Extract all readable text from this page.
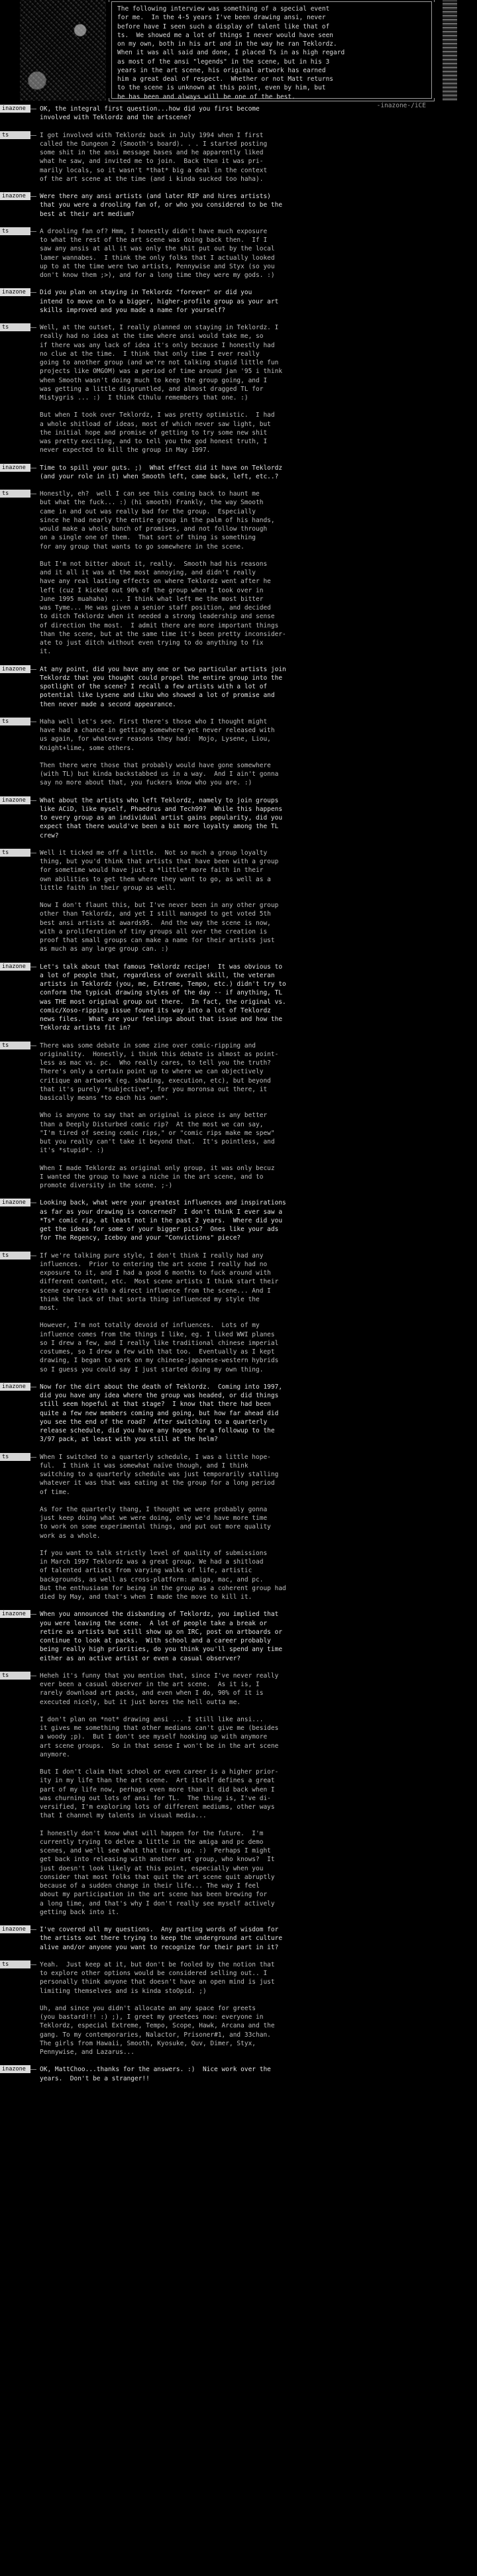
The following interview was something of a special event
for me.  In the 4-5 years I've been drawing ansi, never
before have I seen such a display of talent like that of
ts.  We showed me a lot of things I never would have seen
on my own, both in his art and in the way he ran Teklordz.
When it was all said and done, I placed Ts in as high regard
as most of the ansi "legends" in the scene, but in his 3
years in the art scene, his original artwork has earned
him a great deal of respect.  Whether or not Matt returns
to the scene is unknown at this point, even by him, but
he has been and always will be one of the best.

-inazone-/iCE
inazone	OK, the integral first question...how did you first become
involved with Teklordz and the artscene?
ts	I got involved with Teklordz back in July 1994 when I first
called the Dungeon 2 (Smooth's board). . . I started posting
some shit in the ansi message bases and he apparently liked
what he saw, and invited me to join.  Back then it was pri-
marily locals, so it wasn't *that* big a deal in the context
of the art scene at the time (and i kinda sucked too haha).
inazone	Were there any ansi artists (and later RIP and hires artists)
that you were a drooling fan of, or who you considered to be the
best at their art medium?
ts	A drooling fan of? Hmm, I honestly didn't have much exposure
to what the rest of the art scene was doing back then.  If I
saw any ansis at all it was only the shit put out by the local
lamer wannabes.  I think the only folks that I actually looked
up to at the time were two artists, Pennywise and Styx (so you
don't know them ;>), and for a long time they were my gods. :)
inazone	Did you plan on staying in Teklordz "forever" or did you
intend to move on to a bigger, higher-profile group as your art
skills improved and you made a name for yourself?
ts	Well, at the outset, I really planned on staying in Teklordz. I
really had no idea at the time where ansi would take me, so
if there was any lack of idea it's only because I honestly had
no clue at the time.  I think that only time I ever really
going to another group (and we're not talking stupid little fun
projects like OMGOM) was a period of time around jan '95 i think
when Smooth wasn't doing much to keep the group going, and I
was getting a little disgruntled, and almost dragged TL for
Mistygris ... :)  I think Cthulu remembers that one. :)
But when I took over Teklordz, I was pretty optimistic.  I had
a whole shitload of ideas, most of which never saw light, but
the initial hope and promise of getting to try some new shit
was pretty exciting, and to tell you the god honest truth, I
never expected to kill the group in May 1997.
inazone	Time to spill your guts. ;)  What effect did it have on Teklordz
(and your role in it) when Smooth left, came back, left, etc..?
ts	Honestly, eh?  well I can see this coming back to haunt me
but what the fuck... :) (hi smooth) Frankly, the way Smooth
came in and out was really bad for the group.  Especially
since he had nearly the entire group in the palm of his hands,
would make a whole bunch of promises, and not follow through
on a single one of them.  That sort of thing is something
for any group that wants to go somewhere in the scene.
But I'm not bitter about it, really.  Smooth had his reasons
and it all it was at the most annoying, and didn't really
have any real lasting effects on where Teklordz went after he
left (cuz I kicked out 90% of the group when I took over in
June 1995 muahaha) ... I think what left me the most bitter
was Tyme... He was given a senior staff position, and decided
to ditch Teklordz when it needed a strong leadership and sense
of direction the most.  I admit there are more important things
than the scene, but at the same time it's been pretty inconsider-
ate to just ditch without even trying to do anything to fix
it.
inazone	At any point, did you have any one or two particular artists join
Teklordz that you thought could propel the entire group into the
spotlight of the scene? I recall a few artists with a lot of
potential like Lysene and Liku who showed a lot of promise and
then never made a second appearance.
ts	Haha well let's see. First there's those who I thought might
have had a chance in getting somewhere yet never released with
us again, for whatever reasons they had:  Mojo, Lysene, Liou,
Knight+lime, some others.
Then there were those that probably would have gone somewhere
(with TL) but kinda backstabbed us in a way.  And I ain't gonna
say no more about that, you fuckers know who you are. :)
inazone	What about the artists who left Teklordz, namely to join groups
like ACiD, like myself, Phaedrus and Tech99?  While this happens
to every group as an individual artist gains popularity, did you
expect that there would've been a bit more loyalty among the TL
crew?
ts	Well it ticked me off a little.  Not so much a group loyalty
thing, but you'd think that artists that have been with a group
for sometime would have just a *little* more faith in their
own abilities to get them where they want to go, as well as a
little faith in their group as well.
Now I don't flaunt this, but I've never been in any other group
other than Teklordz, and yet I still managed to get voted 5th
best ansi artists at awards95.  And the way the scene is now,
with a proliferation of tiny groups all over the creation is
proof that small groups can make a name for their artists just
as much as any large group can. :)
inazone	Let's talk about that famous Teklordz recipe!  It was obvious to
a lot of people that, regardless of overall skill, the veteran
artists in Teklordz (you, me, Extreme, Tempo, etc.) didn't try to
conform the typical drawing styles of the day -- if anything, TL
was THE most original group out there.  In fact, the original vs.
comic/Xoso-ripping issue found its way into a lot of Teklordz
news files.  What are your feelings about that issue and how the
Teklordz artists fit in?
ts	There was some debate in some zine over comic-ripping and
originality.  Honestly, i think this debate is almost as point-
less as mac vs. pc.  Who really cares, to tell you the truth?
There's only a certain point up to where we can objectively
critique an artwork (eg. shading, execution, etc), but beyond
that it's purely *subjective*, for you moronsa out there, it
basically means *to each his own*.
Who is anyone to say that an original is piece is any better
than a Deeply Disturbed comic rip?  At the most we can say,
"I'm tired of seeing comic rips," or "comic rips make me spew"
but you really can't take it beyond that.  It's pointless, and
it's *stupid*. :)
When I made Teklordz as original only group, it was only becuz
I wanted the group to have a niche in the art scene, and to
promote diversity in the scene. ;-)
inazone	Looking back, what were your greatest influences and inspirations
as far as your drawing is concerned?  I don't think I ever saw a
*Ts* comic rip, at least not in the past 2 years.  Where did you
get the ideas for some of your bigger pics?  Ones like your ads
for The Regency, Iceboy and your "Convictions" piece?
ts	If we're talking pure style, I don't think I really had any
influences.  Prior to entering the art scene I really had no
exposure to it, and I had a good 6 months to fuck around with
different content, etc.  Most scene artists I think start their
scene careers with a direct influence from the scene... And I
think the lack of that sorta thing influenced my style the
most.
However, I'm not totally devoid of influences.  Lots of my
influence comes from the things I like, eg. I liked WWI planes
so I drew a few, and I really like traditional chinese imperial
costumes, so I drew a few with that too.  Eventually as I kept
drawing, I began to work on my chinese-japanese-western hybrids
so I guess you could say I just started doing my own thing.
inazone	Now for the dirt about the death of Teklordz.  Coming into 1997,
did you have any idea where the group was headed, or did things
still seem hopeful at that stage?  I know that there had been
quite a few new members coming and going, but how far ahead did
you see the end of the road?  After switching to a quarterly
release schedule, did you have any hopes for a followup to the
3/97 pack, at least with you still at the helm?
ts	When I switched to a quarterly schedule, I was a little hope-
ful.  I think it was somewhat naïve though, and I think
switching to a quarterly schedule was just temporarily stalling
whatever it was that was eating at the group for a long period
of time.
As for the quarterly thang, I thought we were probably gonna
just keep doing what we were doing, only we'd have more time
to work on some experimental things, and put out more quality
work as a whole.
If you want to talk strictly level of quality of submissions
in March 1997 Teklordz was a great group. We had a shitload
of talented artists from varying walks of life, artistic
backgrounds, as well as cross-platform: amiga, mac, and pc.
But the enthusiasm for being in the group as a coherent group had
died by May, and that's when I made the move to kill it.
inazone	When you announced the disbanding of Teklordz, you implied that
you were leaving the scene.  A lot of people take a break or
retire as artists but still show up on IRC, post on artboards or
continue to look at packs.  With school and a career probably
being really high priorities, do you think you'll spend any time
either as an active artist or even a casual observer?
ts	Heheh it's funny that you mention that, since I've never really
ever been a casual observer in the art scene.  As it is, I
rarely download art packs, and even when I do, 90% of it is
executed nicely, but it just bores the hell outta me.
I don't plan on *not* drawing ansi ... I still like ansi...
it gives me something that other medians can't give me (besides
a woody ;p).  But I don't see myself hooking up with anymore
art scene groups.  So in that sense I won't be in the art scene
anymore.
But I don't claim that school or even career is a higher prior-
ity in my life than the art scene.  Art itself defines a great
part of my life now, perhaps even more than it did back when I
was churning out lots of ansi for TL.  The thing is, I've di-
versified, I'm exploring lots of different mediums, other ways
that I channel my talents in visual media...
I honestly don't know what will happen for the future.  I'm
currently trying to delve a little in the amiga and pc demo
scenes, and we'll see what that turns up. :)  Perhaps I might
get back into releasing with another art group, who knows?  It
just doesn't look likely at this point, especially when you
consider that most folks that quit the art scene quit abruptly
because of a sudden change in their life... The way I feel
about my participation in the art scene has been brewing for
a long time, and that's why I don't really see myself actively
getting back into it.
inazone	I've covered all my questions.  Any parting words of wisdom for
the artists out there trying to keep the underground art culture
alive and/or anyone you want to recognize for their part in it?
ts	Yeah.  Just keep at it, but don't be fooled by the notion that
to explore other options would be considered selling out.. I
personally think anyone that doesn't have an open mind is just
limiting themselves and is kinda stoOpid. ;)
Uh, and since you didn't allocate an any space for greets
(you bastard!!! :) ;), I greet my greetees now: everyone in
Teklordz, especial Extreme, Tempo, Scope, Hawk, Arcana and the
gang. To my contemporaries, Nalactor, Prisoner#1, and 33chan.
The girls from Hawaii, Smooth, Kyosuke, Quv, Dimer, Styx,
Pennywise, and Lazarus...
inazone	OK, MattChoo...thanks for the answers. :)  Nice work over the
years.  Don't be a stranger!!
